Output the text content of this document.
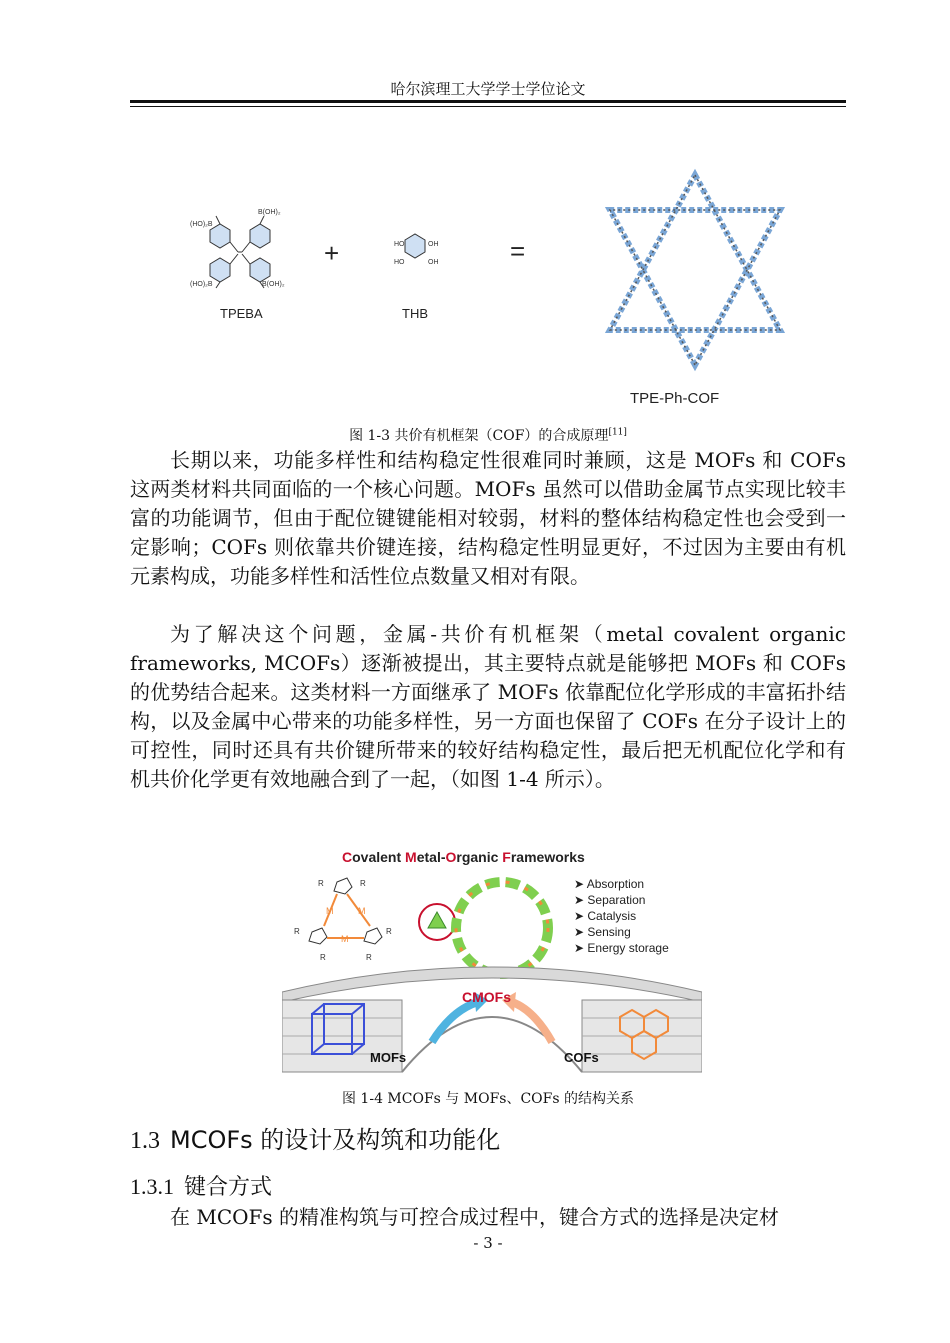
哈尔滨理工大学学士学位论文
(HO)₂B
B(OH)₂
(HO)₂B	B(OH)₂
TPEBA
+	HO	OH
HO	OH
THB
=
TPE-Ph-COF
图 1-3 共价有机框架（COF）的合成原理[11]

长期以来，功能多样性和结构稳定性很难同时兼顾，这是 MOFs 和 COFs 这两类材料共同面临的一个核心问题。MOFs 虽然可以借助金属节点实现比较丰富的功能调节，但由于配位键键能相对较弱，材料的整体结构稳定性也会受到一定影响；COFs 则依靠共价键连接，结构稳定性明显更好，不过因为主要由有机元素构成，功能多样性和活性位点数量又相对有限。

为了解决这个问题，金属-共价有机框架（metal covalent organic frameworks, MCOFs）逐渐被提出，其主要特点就是能够把 MOFs 和 COFs 的优势结合起来。这类材料一方面继承了 MOFs 依靠配位化学形成的丰富拓扑结构，以及金属中心带来的功能多样性，另一方面也保留了 COFs 在分子设计上的可控性，同时还具有共价键所带来的较好结构稳定性，最后把无机配位化学和有机共价化学更有效地融合到了一起，（如图 1-4 所示）。

Covalent Metal-Organic Frameworks
M	M
M
R	R
R	R
R	R
➤ Absorption
➤ Separation
➤ Catalysis
➤ Sensing
➤ Energy storage
CMOFs
MOFs	COFs
图 1-4 MCOFs 与 MOFs、COFs 的结构关系
1.3 MCOFs 的设计及构筑和功能化
1.3.1 键合方式

在 MCOFs 的精准构筑与可控合成过程中，键合方式的选择是决定材

- 3 -
